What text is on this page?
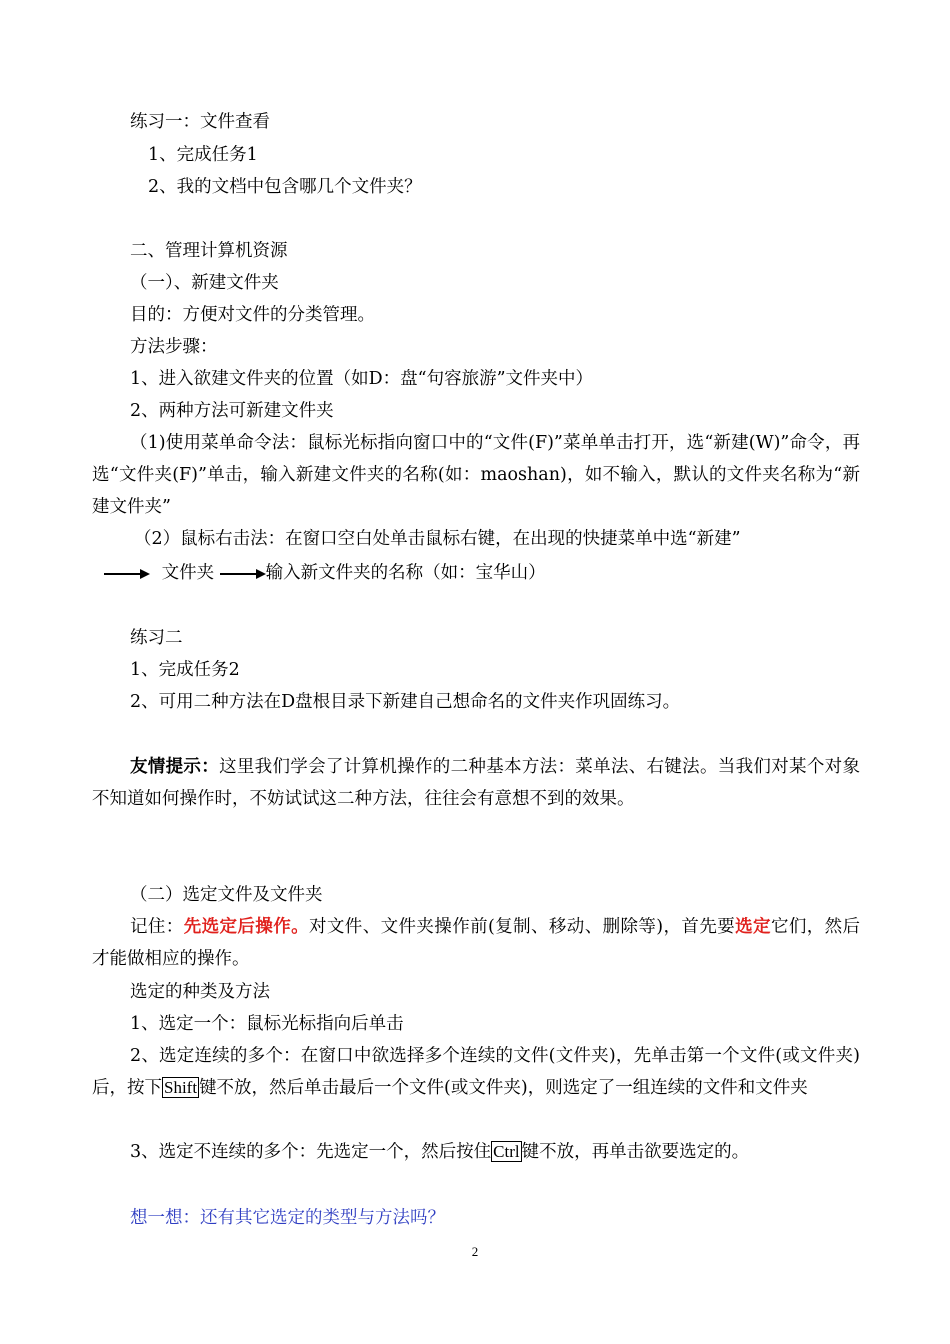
练习一：文件查看
1、完成任务1
2、我的文档中包含哪几个文件夹？
二、管理计算机资源
（一）、新建文件夹
目的：方便对文件的分类管理。
方法步骤：
1、进入欲建文件夹的位置（如D：盘“句容旅游”文件夹中）
2、两种方法可新建文件夹
（1)使用菜单命令法：鼠标光标指向窗口中的“文件(F)”菜单单击打开，选“新建(W)”命令，再选“文件夹(F)”单击，输入新建文件夹的名称(如：maoshan)，如不输入，默认的文件夹名称为“新建文件夹”
（2）鼠标右击法：在窗口空白处单击鼠标右键，在出现的快捷菜单中选“新建”
文件夹	输入新文件夹的名称（如：宝华山）
练习二
1、完成任务2
2、可用二种方法在D盘根目录下新建自己想命名的文件夹作巩固练习。
友情提示：这里我们学会了计算机操作的二种基本方法：菜单法、右键法。当我们对某个对象不知道如何操作时，不妨试试这二种方法，往往会有意想不到的效果。
（二）选定文件及文件夹
记住：先选定后操作。对文件、文件夹操作前(复制、移动、删除等)，首先要选定它们，然后才能做相应的操作。
选定的种类及方法
1、选定一个：鼠标光标指向后单击
2、选定连续的多个：在窗口中欲选择多个连续的文件(文件夹)，先单击第一个文件(或文件夹)后，按下 Shift 键不放，然后单击最后一个文件(或文件夹)，则选定了一组连续的文件和文件夹
3、选定不连续的多个：先选定一个，然后按住 Ctrl 键不放，再单击欲要选定的。
想一想：还有其它选定的类型与方法吗？
2
